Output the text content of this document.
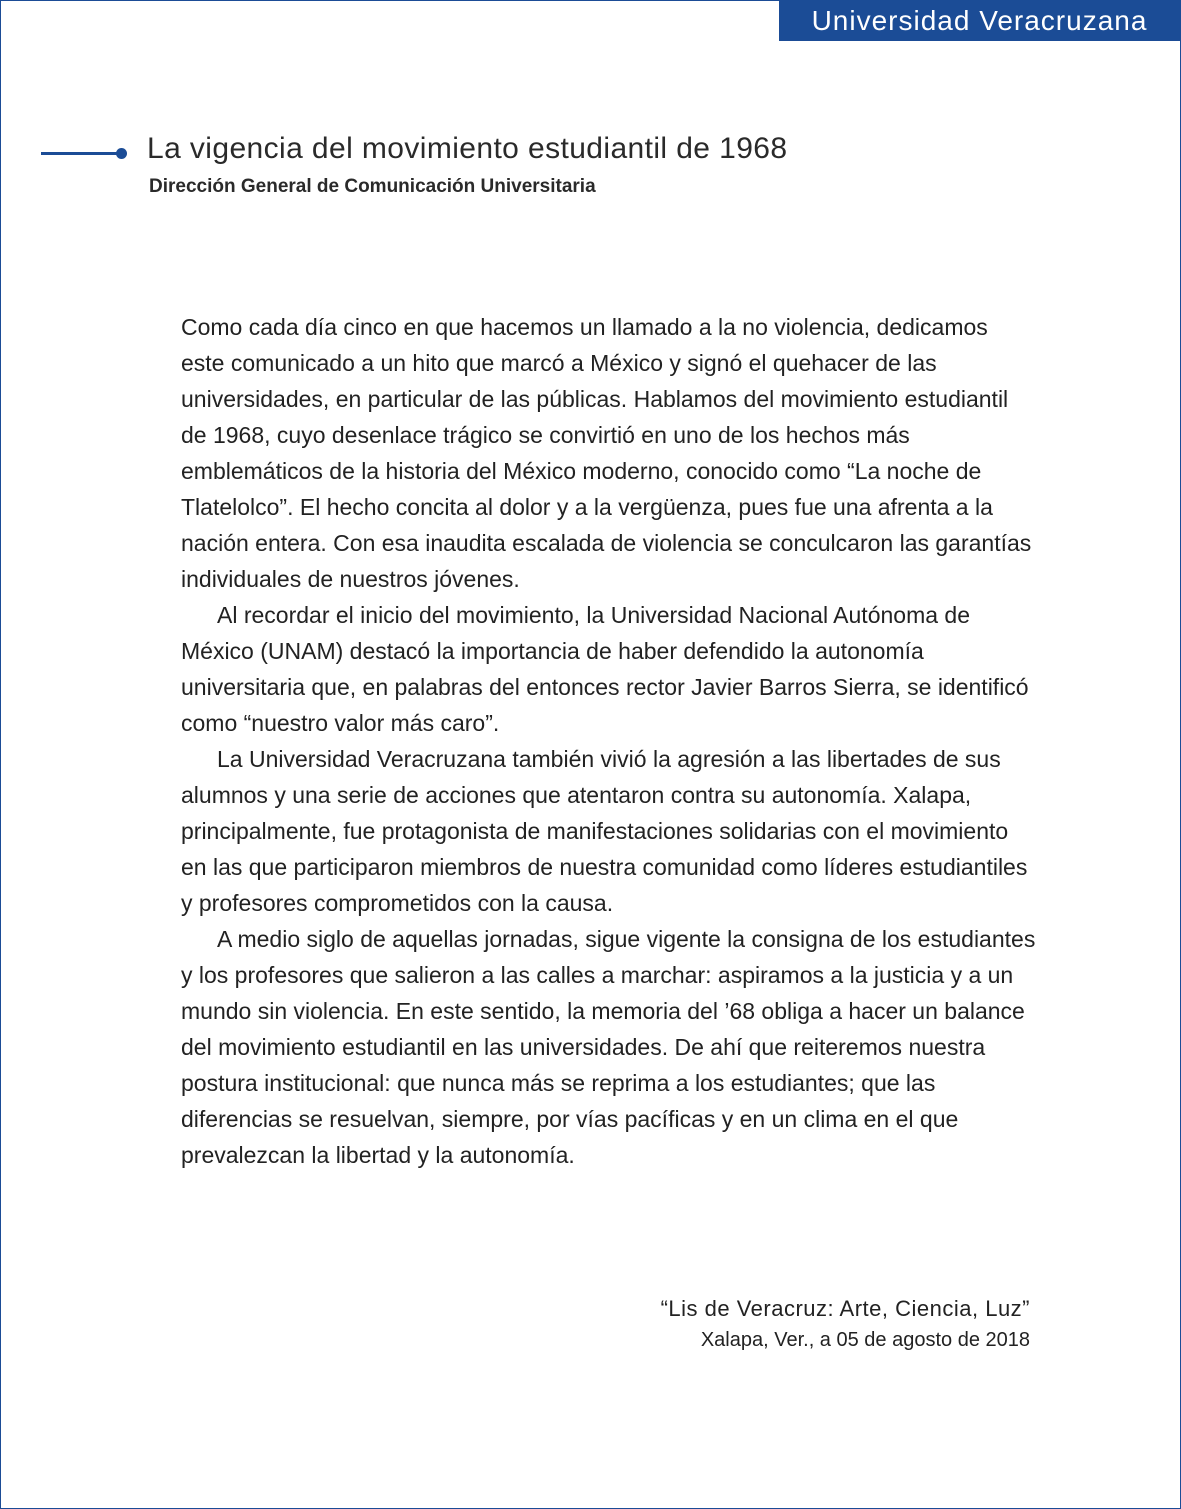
Universidad Veracruzana
La vigencia del movimiento estudiantil de 1968
Dirección General de Comunicación Universitaria

Como cada día cinco en que hacemos un llamado a la no violencia, dedicamos este comunicado a un hito que marcó a México y signó el quehacer de las universidades, en particular de las públicas. Hablamos del movimiento estudiantil de 1968, cuyo desenlace trágico se convirtió en uno de los hechos más emblemáticos de la historia del México moderno, conocido como “La noche de Tlatelolco”. El hecho concita al dolor y a la vergüenza, pues fue una afrenta a la nación entera. Con esa inaudita escalada de violencia se conculcaron las garantías individuales de nuestros jóvenes.

Al recordar el inicio del movimiento, la Universidad Nacional Autónoma de México (UNAM) destacó la importancia de haber defendido la autonomía universitaria que, en palabras del entonces rector Javier Barros Sierra, se identificó como “nuestro valor más caro”.

La Universidad Veracruzana también vivió la agresión a las libertades de sus alumnos y una serie de acciones que atentaron contra su autonomía. Xalapa, principalmente, fue protagonista de manifestaciones solidarias con el movimiento en las que participaron miembros de nuestra comunidad como líderes estudiantiles y profesores comprometidos con la causa.

A medio siglo de aquellas jornadas, sigue vigente la consigna de los estudiantes y los profesores que salieron a las calles a marchar: aspiramos a la justicia y a un mundo sin violencia. En este sentido, la memoria del ’68 obliga a hacer un balance del movimiento estudiantil en las universidades. De ahí que reiteremos nuestra postura institucional: que nunca más se reprima a los estudiantes; que las diferencias se resuelvan, siempre, por vías pacíficas y en un clima en el que prevalezcan la libertad y la autonomía.

“Lis de Veracruz: Arte, Ciencia, Luz”
Xalapa, Ver., a 05 de agosto de 2018
